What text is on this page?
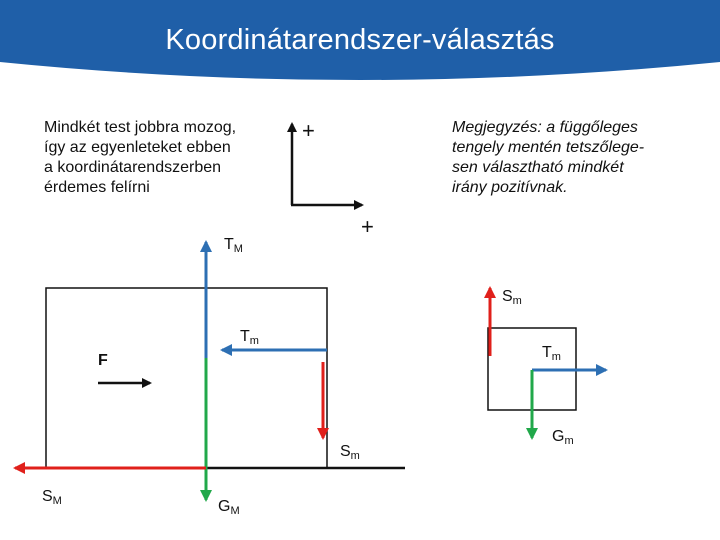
Koordinátarendszer-választás
Mindkét test jobbra mozog,
így az egyenleteket ebben
a koordinátarendszerben
érdemes felírni
Megjegyzés: a függőleges
tengely mentén tetszőlege-
sen választható mindkét
irány pozitívnak.
+
+
$T_M$
$S_m$
$T_m$
$T_m$
F
$S_m$
$G_m$
$S_M$	$G_M$
